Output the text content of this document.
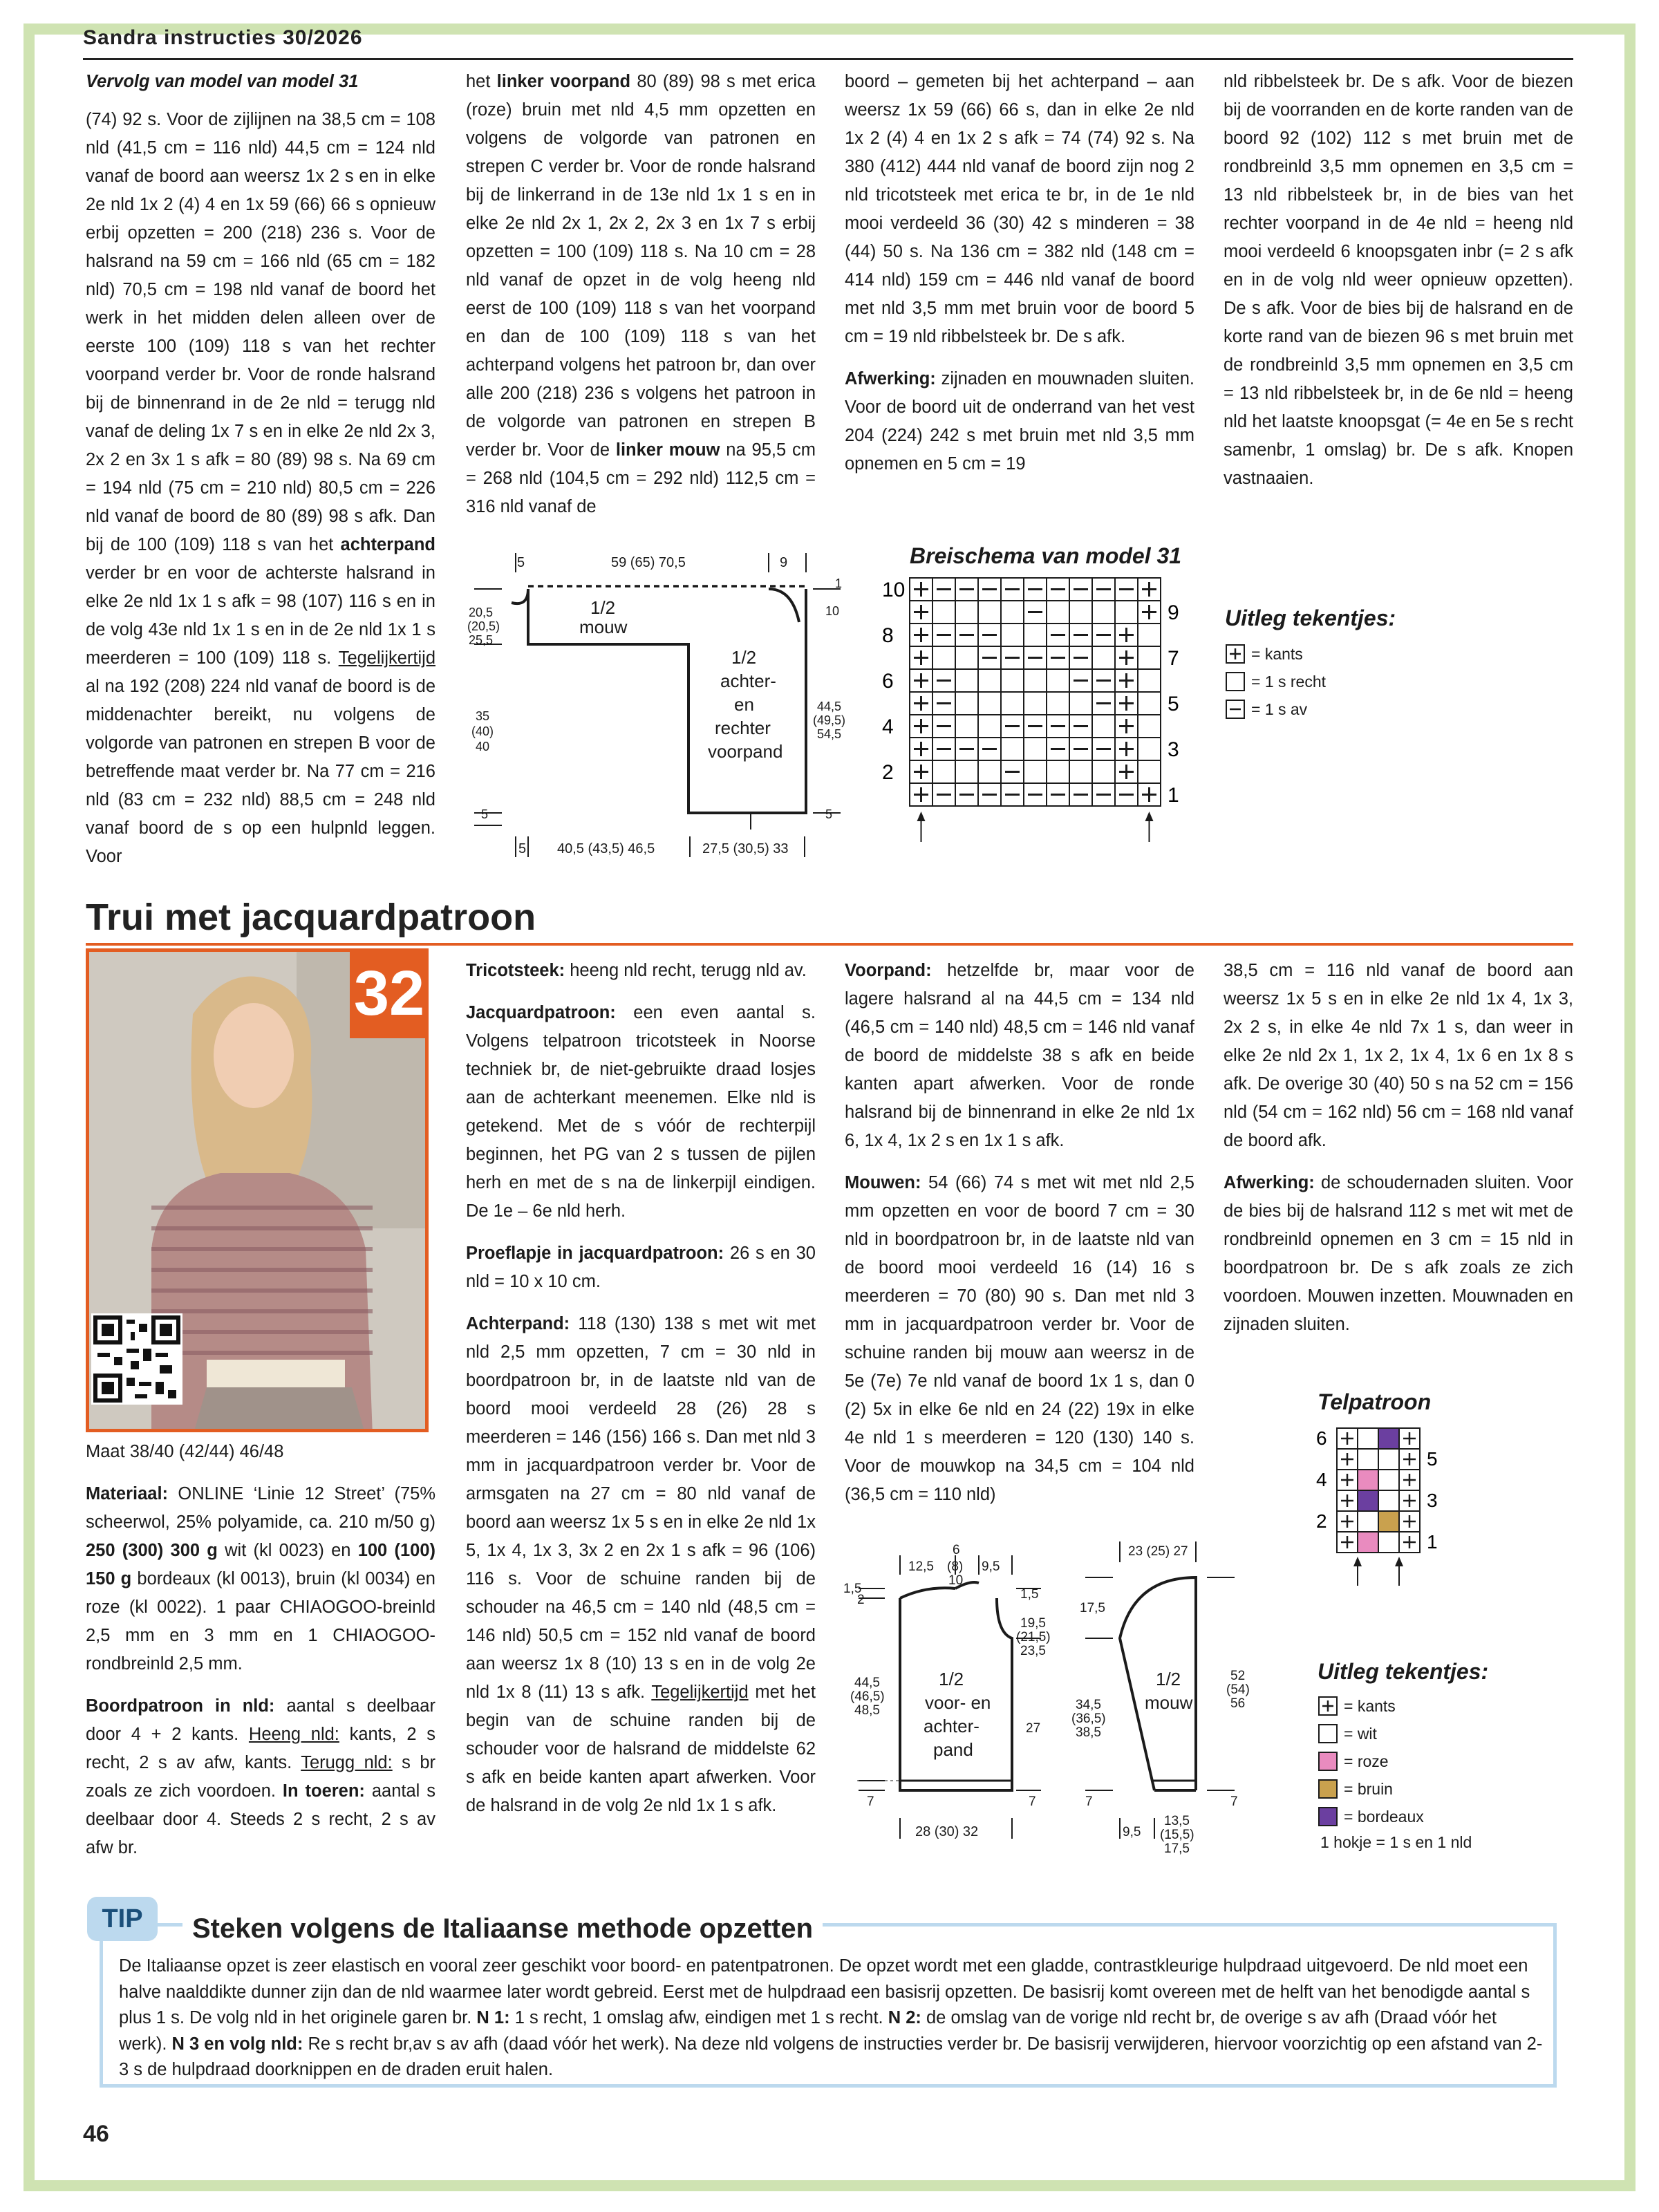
Sandra instructies 30/2026

Vervolg van model van model 31

(74) 92 s. Voor de zijlijnen na 38,5 cm = 108 nld (41,5 cm = 116 nld) 44,5 cm = 124 nld vanaf de boord aan weersz 1x 2 s en in elke 2e nld 1x 2 (4) 4 en 1x 59 (66) 66 s opnieuw erbij opzetten = 200 (218) 236 s. Voor de halsrand na 59 cm = 166 nld (65 cm = 182 nld) 70,5 cm = 198 nld vanaf de boord het werk in het midden delen alleen over de eerste 100 (109) 118 s van het rechter voorpand verder br. Voor de ronde halsrand bij de binnenrand in de 2e nld = terugg nld vanaf de deling 1x 7 s en in elke 2e nld 2x 3, 2x 2 en 3x 1 s afk = 80 (89) 98 s. Na 69 cm = 194 nld (75 cm = 210 nld) 80,5 cm = 226 nld vanaf de boord de 80 (89) 98 s afk. Dan bij de 100 (109) 118 s van het achterpand verder br en voor de achterste halsrand in elke 2e nld 1x 1 s afk = 98 (107) 116 s en in de volg 43e nld 1x 1 s en in de 2e nld 1x 1 s meerderen = 100 (109) 118 s. Tegelijkertijd al na 192 (208) 224 nld vanaf de boord is de middenachter bereikt, nu volgens de volgorde van patronen en strepen B voor de betreffende maat verder br. Na 77 cm = 216 nld (83 cm = 232 nld) 88,5 cm = 248 nld vanaf boord de s op een hulpnld leggen. Voor

het linker voorpand 80 (89) 98 s met erica (roze) bruin met nld 4,5 mm opzetten en volgens de volgorde van patronen en strepen C verder br. Voor de ronde halsrand bij de linkerrand in de 13e nld 1x 1 s en in elke 2e nld 2x 1, 2x 2, 2x 3 en 1x 7 s erbij opzetten = 100 (109) 118 s. Na 10 cm = 28 nld vanaf de opzet in de volg heeng nld eerst de 100 (109) 118 s van het voorpand en dan de 100 (109) 118 s van het achterpand volgens het patroon br, dan over alle 200 (218) 236 s volgens het patroon in de volgorde van patronen en strepen B verder br. Voor de linker mouw na 95,5 cm = 268 nld (104,5 cm = 292 nld) 112,5 cm = 316 nld vanaf de

boord – gemeten bij het achterpand – aan weersz 1x 59 (66) 66 s, dan in elke 2e nld 1x 2 (4) 4 en 1x 2 s afk = 74 (74) 92 s. Na 380 (412) 444 nld vanaf de boord zijn nog 2 nld tricotsteek met erica te br, in de 1e nld mooi verdeeld 36 (30) 42 s minderen = 38 (44) 50 s. Na 136 cm = 382 nld (148 cm = 414 nld) 159 cm = 446 nld vanaf de boord met nld 3,5 mm met bruin voor de boord 5 cm = 19 nld ribbelsteek br. De s afk.

Afwerking: zijnaden en mouwnaden sluiten. Voor de boord uit de onderrand van het vest 204 (224) 242 s met bruin met nld 3,5 mm opnemen en 5 cm = 19

nld ribbelsteek br. De s afk. Voor de biezen bij de voorranden en de korte randen van de boord 92 (102) 112 s met bruin met de rondbreinld 3,5 mm opnemen en 3,5 cm = 13 nld ribbelsteek br, in de bies van het rechter voorpand in de 4e nld = heeng nld mooi verdeeld 6 knoopsgaten inbr (= 2 s afk en in de volg nld weer opnieuw opzetten). De s afk. Voor de bies bij de halsrand en de korte rand van de biezen 96 s met bruin met de rondbreinld 3,5 mm opnemen en 3,5 cm = 13 nld ribbelsteek br, in de 6e nld = heeng nld het laatste knoopsgat (= 4e en 5e s recht samenbr, 1 omslag) br. De s afk. Knopen vastnaaien.

5	59 (65) 70,5	9
1
20,5
(20,5)
25,5
35
(40)
40
5
10
44,5
(49,5)
54,5
5
1/2
mouw
1/2
achter-
en
rechter
voorpand
5 40,5 (43,5) 46,5	27,5 (30,5) 33
Breischema van model 31
10
8
6
4
2
9
7
5
3
1
Uitleg tekentjes:
= kants
= 1 s recht
= 1 s av
Trui met jacquardpatroon
32

Maat 38/40 (42/44) 46/48

Materiaal: ONLINE ‘Linie 12 Street’ (75% scheerwol, 25% polyamide, ca. 210 m/50 g) 250 (300) 300 g wit (kl 0023) en 100 (100) 150 g bordeaux (kl 0013), bruin (kl 0034) en roze (kl 0022). 1 paar CHIAOGOO-breinld 2,5 mm en 3 mm en 1 CHIAOGOO-rondbreinld 2,5 mm.

Boordpatroon in nld: aantal s deelbaar door 4 + 2 kants. Heeng nld: kants, 2 s recht, 2 s av afw, kants. Terugg nld: s br zoals ze zich voordoen. In toeren: aantal s deelbaar door 4. Steeds 2 s recht, 2 s av afw br.

Tricotsteek: heeng nld recht, terugg nld av.

Jacquardpatroon: een even aantal s. Volgens telpatroon tricotsteek in Noorse techniek br, de niet-gebruikte draad losjes aan de achterkant meenemen. Elke nld is getekend. Met de s vóór de rechterpijl beginnen, het PG van 2 s tussen de pijlen herh en met de s na de linkerpijl eindigen. De 1e – 6e nld herh.

Proeflapje in jacquardpatroon: 26 s en 30 nld = 10 x 10 cm.

Achterpand: 118 (130) 138 s met wit met nld 2,5 mm opzetten, 7 cm = 30 nld in boordpatroon br, in de laatste nld van de boord mooi verdeeld 28 (26) 28 s meerderen = 146 (156) 166 s. Dan met nld 3 mm in jacquardpatroon verder br. Voor de armsgaten na 27 cm = 80 nld vanaf de boord aan weersz 1x 5 s en in elke 2e nld 1x 5, 1x 4, 1x 3, 3x 2 en 2x 1 s afk = 96 (106) 116 s. Voor de schuine randen bij de schouder na 46,5 cm = 140 nld (48,5 cm = 146 nld) 50,5 cm = 152 nld vanaf de boord aan weersz 1x 8 (10) 13 s en in de volg 2e nld 1x 8 (11) 13 s afk. Tegelijkertijd met het begin van de schuine randen bij de schouder voor de halsrand de middelste 62 s afk en beide kanten apart afwerken. Voor de halsrand in de volg 2e nld 1x 1 s afk.

Voorpand: hetzelfde br, maar voor de lagere halsrand al na 44,5 cm = 134 nld (46,5 cm = 140 nld) 48,5 cm = 146 nld vanaf de boord de middelste 38 s afk en beide kanten apart afwerken. Voor de ronde halsrand bij de binnenrand in elke 2e nld 1x 6, 1x 4, 1x 2 s en 1x 1 s afk.

Mouwen: 54 (66) 74 s met wit met nld 2,5 mm opzetten en voor de boord 7 cm = 30 nld in boordpatroon br, in de laatste nld van de boord mooi verdeeld 16 (14) 16 s meerderen = 70 (80) 90 s. Dan met nld 3 mm in jacquardpatroon verder br. Voor de schuine randen bij mouw aan weersz in de 5e (7e) 7e nld vanaf de boord 1x 1 s, dan 0 (2) 5x in elke 6e nld en 24 (22) 19x in elke 4e nld 1 s meerderen = 120 (130) 140 s. Voor de mouwkop na 34,5 cm = 104 nld (36,5 cm = 110 nld)

38,5 cm = 116 nld vanaf de boord aan weersz 1x 5 s en in elke 2e nld 1x 4, 1x 3, 2x 2 s, in elke 4e nld 7x 1 s, dan weer in elke 2e nld 2x 1, 1x 2, 1x 4, 1x 6 en 1x 8 s afk. De overige 30 (40) 50 s na 52 cm = 156 nld (54 cm = 162 nld) 56 cm = 168 nld vanaf de boord afk.

Afwerking: de schoudernaden sluiten. Voor de bies bij de halsrand 112 s met wit met de rondbreinld opnemen en 3 cm = 15 nld in boordpatroon br. De s afk zoals ze zich voordoen. Mouwen inzetten. Mouwnaden en zijnaden sluiten.

12,5
6
(8) 9,5
10
1,5
2
44,5
(46,5)
48,5
7
1,5
19,5
(21,5)
23,5
27
7
1/2
voor- en
achter-
pand
28 (30) 32
23 (25) 27
17,5
34,5
(36,5)
38,5
7
52
(54)
56
7
1/2
mouw
9,5
13,5
(15,5)
17,5
Telpatroon
6
4
2
5
3
1
Uitleg tekentjes:
= kants
= wit
= roze
= bruin
= bordeaux
1 hokje = 1 s en 1 nld
TIP	Steken volgens de Italiaanse methode opzetten
De Italiaanse opzet is zeer elastisch en vooral zeer geschikt voor boord- en patentpatronen. De opzet wordt met een gladde, contrastkleurige hulpdraad uitgevoerd. De nld moet een halve naalddikte dunner zijn dan de nld waarmee later wordt gebreid. Eerst met de hulpdraad een basisrij opzetten. De basisrij komt overeen met de helft van het benodigde aantal s plus 1 s. De volg nld in het originele garen br. N 1: 1 s recht, 1 omslag afw, eindigen met 1 s recht. N 2: de omslag van de vorige nld recht br, de overige s av afh (Draad vóór het werk). N 3 en volg nld: Re s recht br,av s av afh (daad vóór het werk). Na deze nld volgens de instructies verder br. De basisrij verwijderen, hiervoor voorzichtig op een afstand van 2-3 s de hulpdraad doorknippen en de draden eruit halen.
46
